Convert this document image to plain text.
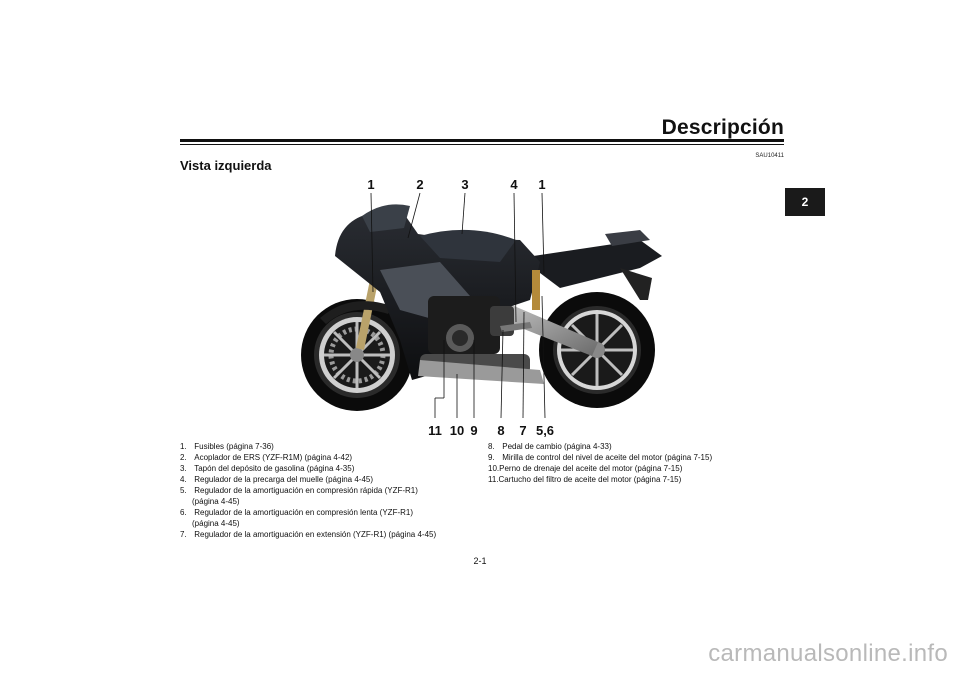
Descripción
SAU10411
Vista izquierda
2
1	2	3	4 1
11 10 9 8 7 5,6
1.
Fusibles (página 7-36)
2.
Acoplador de ERS (YZF-R1M) (página 4-42)
3.
Tapón del depósito de gasolina (página 4-35)
4.
Regulador de la precarga del muelle (página 4-45)
5.
Regulador de la amortiguación en compresión rápida (YZF-R1)
(página 4-45)
6.
Regulador de la amortiguación en compresión lenta (YZF-R1)
(página 4-45)
7.
Regulador de la amortiguación en extensión (YZF-R1) (página 4-45)
8.
Pedal de cambio (página 4-33)
9.
Mirilla de control del nivel de aceite del motor (página 7-15)
10. Perno de drenaje del aceite del motor (página 7-15)
11. Cartucho del filtro de aceite del motor (página 7-15)
2-1
carmanualsonline.info
